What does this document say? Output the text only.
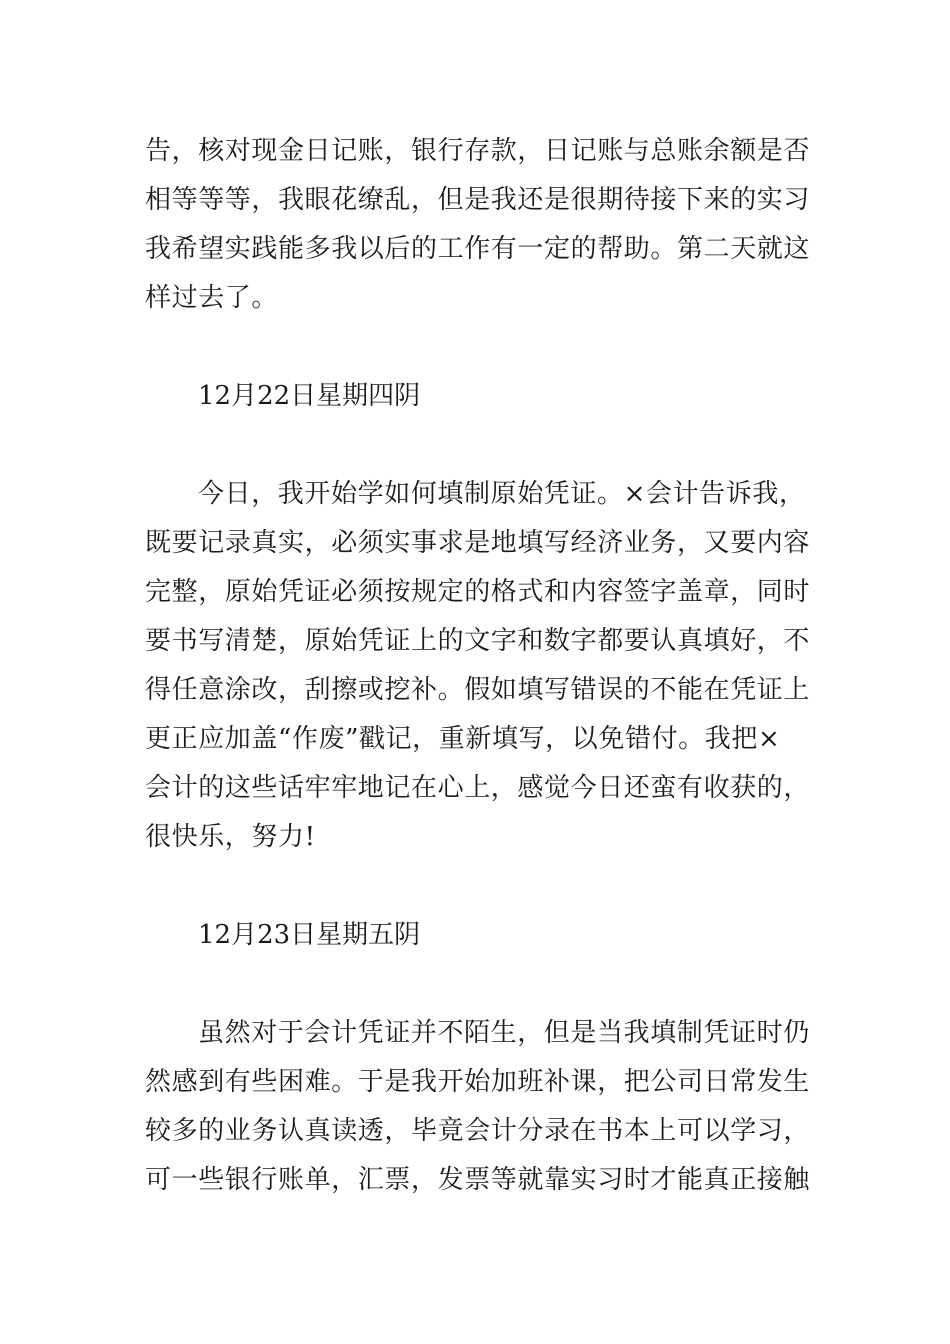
告，核对现金日记账，银行存款，日记账与总账余额是否
相等等等，我眼花缭乱，但是我还是很期待接下来的实习
我希望实践能多我以后的工作有一定的帮助。第二天就这
样过去了。
12月22日星期四阴
今日，我开始学如何填制原始凭证。×会计告诉我，
既要记录真实，必须实事求是地填写经济业务，又要内容
完整，原始凭证必须按规定的格式和内容签字盖章，同时
要书写清楚，原始凭证上的文字和数字都要认真填好，不
得任意涂改，刮擦或挖补。假如填写错误的不能在凭证上
更正应加盖“作废”戳记，重新填写，以免错付。我把×
会计的这些话牢牢地记在心上，感觉今日还蛮有收获的，
很快乐，努力!
12月23日星期五阴
虽然对于会计凭证并不陌生，但是当我填制凭证时仍
然感到有些困难。于是我开始加班补课，把公司日常发生
较多的业务认真读透，毕竟会计分录在书本上可以学习，
可一些银行账单，汇票，发票等就靠实习时才能真正接触
